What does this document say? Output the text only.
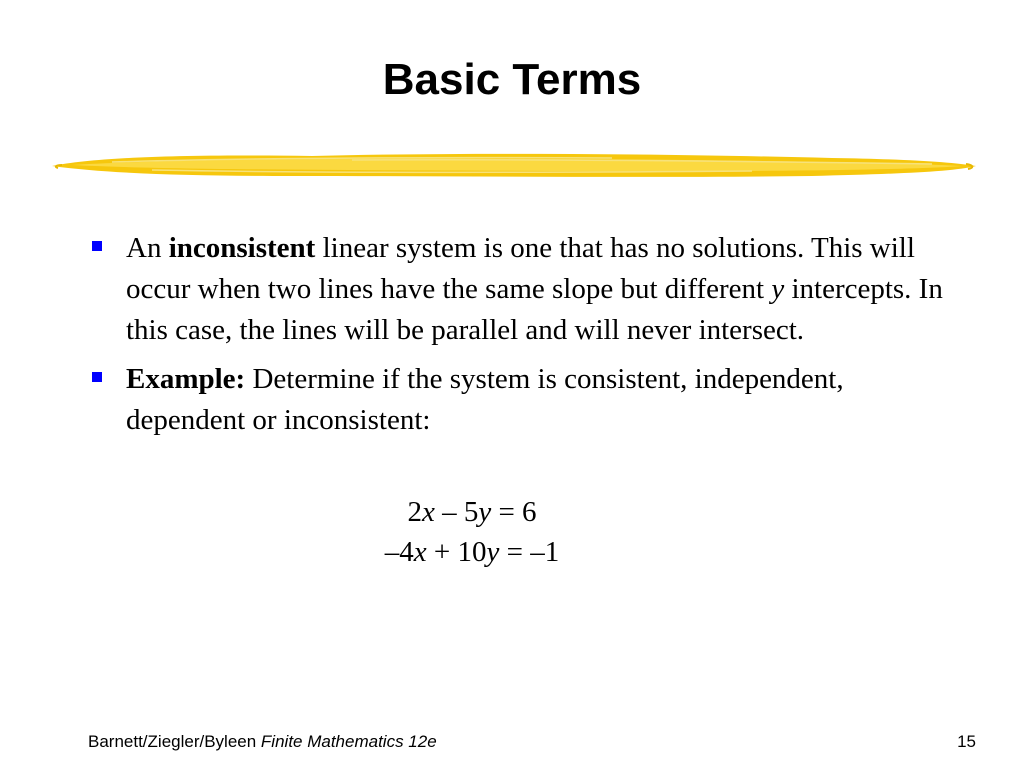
Basic Terms
An inconsistent linear system is one that has no solutions. This will occur when two lines have the same slope but different y intercepts. In this case, the lines will be parallel and will never intersect.
Example: Determine if the system is consistent, independent, dependent or inconsistent:
2x – 5y = 6
–4x + 10y = –1
Barnett/Ziegler/Byleen Finite Mathematics 12e	15
